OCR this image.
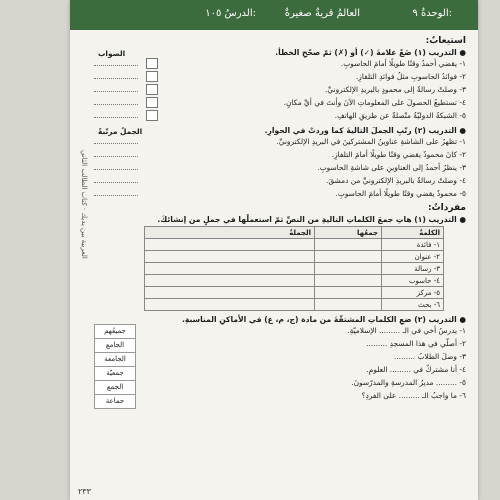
الوحدةُ ٩:
العالمُ قريةٌ صغيرةٌ
الدرسُ ١٠٥:
العربية بين يديك · كتاب الطالب الثاني
استيعابٌ:
● التدريب (١) ضَعْ علامةَ (✓) أو (✗) ثمّ صحّحِ الخطأ.
الصواب
١- يقضي أحمدُ وقتًا طويلًا أمامَ الحاسوبِ.
٢- فوائدُ الحاسوبِ مثلُ فوائدِ التلفازِ.
٣- وصلتْ رسالةٌ إلى محمودٍ بالبريدِ الإلكترونيِّ.
٤- تستطيعُ الحصولَ على المعلوماتِ الآنَ وأنتَ في أيِّ مكانٍ.
٥- الشبكةُ الدوليّةُ متّصلةٌ عن طريقِ الهاتفِ.
● التدريب (٢) رتّبِ الجملَ التاليةَ كما وردتْ في الحوارِ.
الجملُ مرتّبةً
١- تظهرُ على الشاشةِ عناوينُ المشتركينَ في البريدِ الإلكترونيِّ.
٢- كانَ محمودٌ يقضي وقتًا طويلًا أمامَ التلفازِ.
٣- ينظرُ أحمدُ إلى العناوينِ على شاشةِ الحاسوبِ.
٤- وصلتْ رسالةٌ بالبريدِ الإلكترونيِّ من دمشقَ.
٥- محمودٌ يقضي وقتًا طويلًا أمامَ الحاسوبِ.
مفرداتٌ:
● التدريب (١) هاتِ جمعَ الكلماتِ التاليةِ من النصِّ ثمّ استعملْها في جملٍ من إنشائكَ.
الكلمةُ	جمعُها	الجملةُ
١- فائدة		
٢- عنوان		
٣- رسالة		
٤- حاسوب		
٥- مركز		
٦- بحث		
● التدريب (٢) ضعِ الكلماتِ المشتقّةَ من مادة (ج، م، ع) في الأماكنِ المناسبةِ.
١- يدرسُ أخي في الـ ......... الإسلاميّةِ.
٢- أصلّي في هذا المسجدِ .........
٣- وصلَ الطلابُ .........
٤- أنا مشتركٌ في ......... العلومِ.
٥- ......... مديرُ المدرسةِ والمدرّسونَ.
٦- ما واجبُ الـ ......... على الفردِ؟
جميعُهم
الجامع
الجامعة
جمعيّة
الجمع
جماعة
٢٣٣
